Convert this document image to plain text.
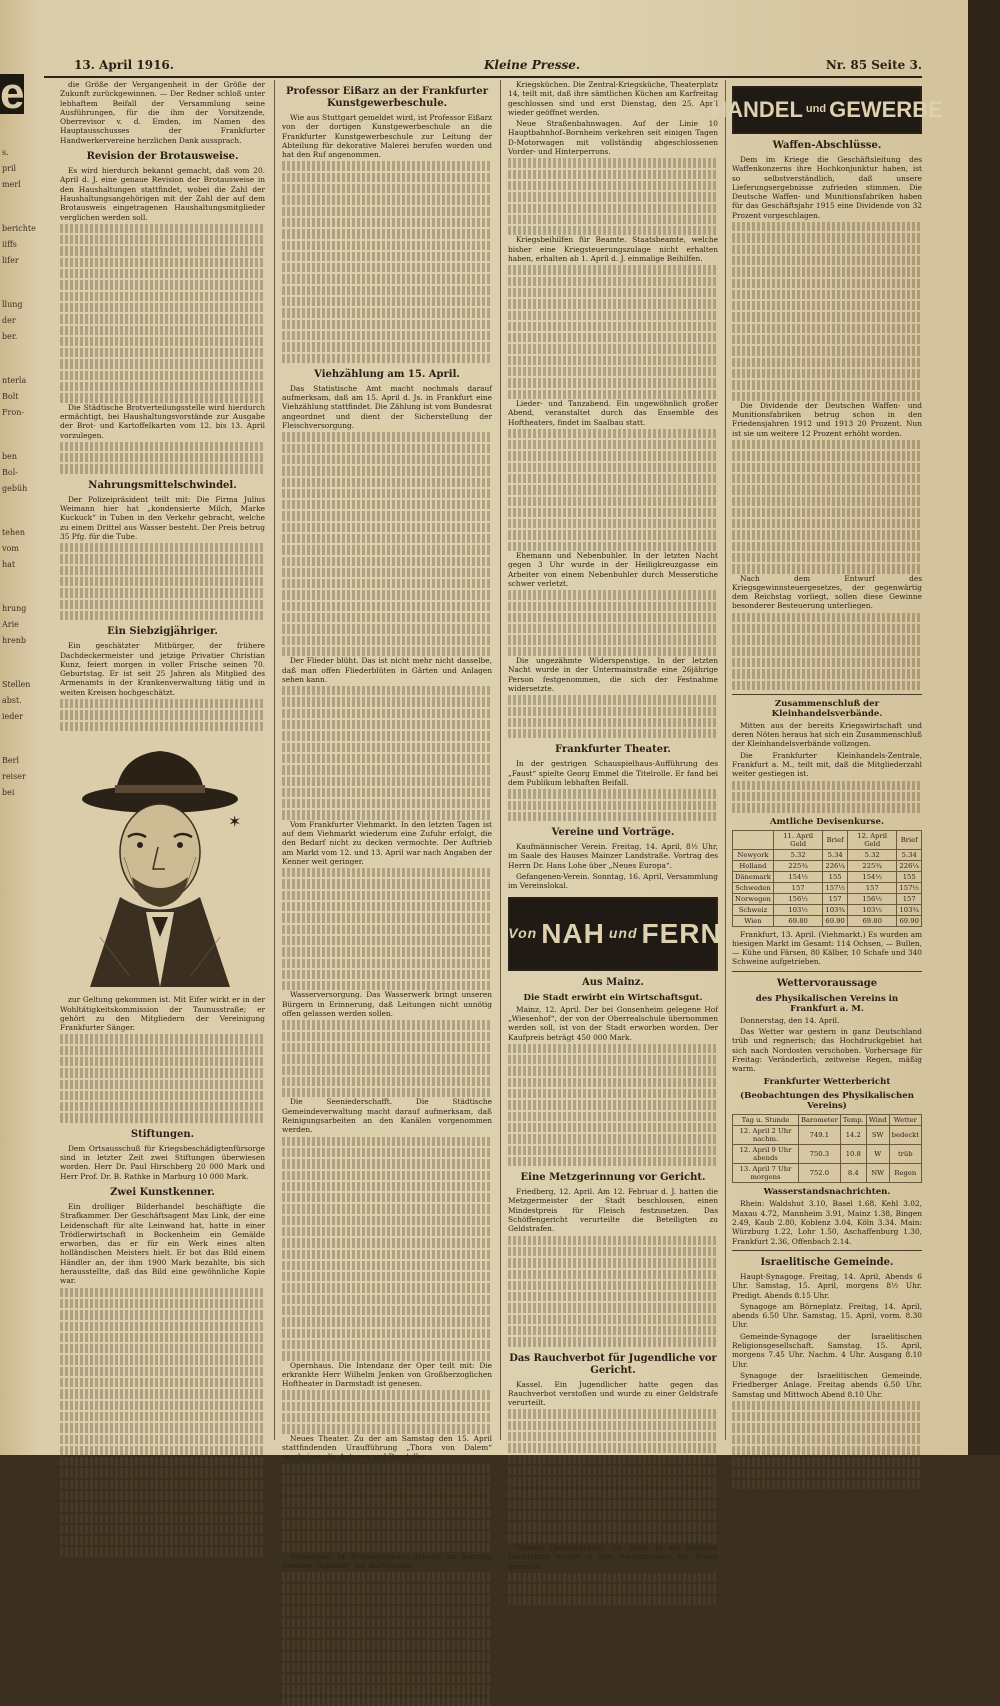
e
s.
pril
merl
berichte
iiffs
lifer
llung
der
ber.
nterla
Bolt
Fron-
ben
Bol-
gebüh
tehen
vom
hat
hrung
Arie
hrenb
Stellen
abst.
ieder
Berl
reiser
bei
13. April 1916.	Kleine Presse.	Nr. 85 Seite 3.

die Größe der Vergangenheit in der Größe der Zukunft zurückgewinnen. — Der Redner schloß unter lebhaftem Beifall der Versammlung seine Ausführungen, für die ihm der Vorsitzende, Oberrevisor v. d. Emden, im Namen des Hauptausschusses der Frankfurter Handwerkervereine herzlichen Dank aussprach.

Revision der Brotausweise.

Es wird hierdurch bekannt gemacht, daß vom 20. April d. J. eine genaue Revision der Brotausweise in den Haushaltungen stattfindet, wobei die Zahl der Haushaltungsangehörigen mit der Zahl der auf dem Brotausweis eingetragenen Haushaltungsmitglieder verglichen werden soll.

Die Städtische Brotverteilungsstelle wird hierdurch ermächtigt, bei Haushaltungsvorstände zur Ausgabe der Brot- und Kartoffelkarten vom 12. bis 13. April vorzulegen.

Nahrungsmittelschwindel.

Der Polizeipräsident teilt mit: Die Firma Julius Weimann hier hat „kondensierte Milch, Marke Kuckuck“ in Tuben in den Verkehr gebracht, welche zu einem Drittel aus Wasser besteht. Der Preis betrug 35 Pfg. für die Tube.

Ein Siebzigjähriger.

Ein geschätzter Mitbürger, der frühere Dachdeckermeister und jetzige Privatier Christian Kunz, feiert morgen in voller Frische seinen 70. Geburtstag. Er ist seit 25 Jahren als Mitglied des Armenamts in der Krankenverwaltung tätig und in weiten Kreisen hochgeschätzt.

✶

zur Geltung gekommen ist. Mit Eifer wirkt er in der Wohltätigkeitskommission der Taunusstraße; er gehört zu den Mitgliedern der Vereinigung Frankfurter Sänger.

Stiftungen.

Dem Ortsausschuß für Kriegsbeschädigtenfürsorge sind in letzter Zeit zwei Stiftungen überwiesen worden. Herr Dr. Paul Hirschberg 20 000 Mark und Herr Prof. Dr. B. Rathke in Marburg 10 000 Mark.

Zwei Kunstkenner.

Ein drolliger Bilderhandel beschäftigte die Strafkammer. Der Geschäftsagent Max Link, der eine Leidenschaft für alte Leinwand hat, hatte in einer Trödlerwirtschaft in Bockenheim ein Gemälde erworben, das er für ein Werk eines alten holländischen Meisters hielt. Er bot das Bild einem Händler an, der ihm 1900 Mark bezahlte, bis sich herausstellte, daß das Bild eine gewöhnliche Kopie war.

Professor Eißarz an der Frankfurter Kunstgewerbeschule.

Wie aus Stuttgart gemeldet wird, ist Professor Eißarz von der dortigen Kunstgewerbeschule an die Frankfurter Kunstgewerbeschule zur Leitung der Abteilung für dekorative Malerei berufen worden und hat den Ruf angenommen.

Viehzählung am 15. April.

Das Statistische Amt macht nochmals darauf aufmerksam, daß am 15. April d. Js. in Frankfurt eine Viehzählung stattfindet. Die Zählung ist vom Bundesrat angeordnet und dient der Sicherstellung der Fleischversorgung.

Der Flieder blüht. Das ist nicht mehr nicht dasselbe, daß man offen Fliederblüten in Gärten und Anlagen sehen kann.

Vom Frankfurter Viehmarkt. In den letzten Tagen ist auf dem Viehmarkt wiederum eine Zufuhr erfolgt, die den Bedarf nicht zu decken vermochte. Der Auftrieb am Markt vom 12. und 13. April war nach Angaben der Kenner weit geringer.

Wasserversorgung. Das Wasserwerk bringt unseren Bürgern in Erinnerung, daß Leitungen nicht unnötig offen gelassen werden sollen.

Die Seeniederschafft. Die Städtische Gemeindeverwaltung macht darauf aufmerksam, daß Reinigungsarbeiten an den Kanälen vorgenommen werden.

Opernhaus. Die Intendanz der Oper teilt mit: Die erkrankte Herr Wilhelm Jenken von Großherzoglichen Hoftheater in Darmstadt ist genesen.

Neues Theater. Zu der am Samstag den 15. April stattfindenden Uraufführung „Thora von Dalem“ erscheinen die Autoren und Darsteller.

Schauspiel. Im Schauspielhaus gelangt am Sonntag Goethes „Egmont“ zur Aufführung.

Kriegsküchen. Die Zentral-Kriegsküche, Theaterplatz 14, teilt mit, daß ihre sämtlichen Küchen am Karfreitag geschlossen sind und erst Dienstag, den 25. April wieder geöffnet werden.

Neue Straßenbahnwagen. Auf der Linie 10 Hauptbahnhof–Bornheim verkehren seit einigen Tagen D-Motorwagen mit vollständig abgeschlossenen Vorder- und Hinterperrons.

Kriegsbeihilfen für Beamte. Staatsbeamte, welche bisher eine Kriegsteuerungszulage nicht erhalten haben, erhalten ab 1. April d. J. einmalige Beihilfen.

Lieder- und Tanzabend. Ein ungewöhnlich großer Abend, veranstaltet durch das Ensemble des Hoftheaters, findet im Saalbau statt.

Ehemann und Nebenbuhler. In der letzten Nacht gegen 3 Uhr wurde in der Heiligkreuzgasse ein Arbeiter von einem Nebenbuhler durch Messerstiche schwer verletzt.

Die ungezähmte Widerspenstige. In der letzten Nacht wurde in der Untermainstraße eine 26jährige Person festgenommen, die sich der Festnahme widersetzte.

Frankfurter Theater.

In der gestrigen Schauspielhaus-Aufführung des „Faust“ spielte Georg Emmel die Titelrolle. Er fand bei dem Publikum lebhaften Beifall.

Vereine und Vorträge.

Kaufmännischer Verein. Freitag, 14. April, 8½ Uhr, im Saale des Hauses Mainzer Landstraße. Vortrag des Herrn Dr. Hans Lohe über „Neues Europa“.

Gefangenen-Verein. Sonntag, 16. April, Versammlung im Vereinslokal.

Von NAH und FERN
Aus Mainz.
Die Stadt erwirbt ein Wirtschaftsgut.

Mainz, 12. April. Der bei Gonsenheim gelegene Hof „Wiesenhof“, der von der Oberrealschule übernommen werden soll, ist von der Stadt erworben worden. Der Kaufpreis beträgt 450 000 Mark.

Eine Metzgerinnung vor Gericht.

Friedberg, 12. April. Am 12. Februar d. J. hatten die Metzgermeister der Stadt beschlossen, einen Mindestpreis für Fleisch festzusetzen. Das Schöffengericht verurteilte die Beteiligten zu Geldstrafen.

Das Rauchverbot für Jugendliche vor Gericht.

Kassel. Ein Jugendlicher hatte gegen das Rauchverbot verstoßen und wurde zu einer Geldstrafe verurteilt.

Wadern (Saarbrücken), 10. April. In der hiesigen Dachfabrik wurde in den Nachtstunden ein Brand bemerkt.

HANDEL und GEWERBE
Waffen-Abschlüsse.

Dem im Kriege die Geschäftsleitung des Waffenkonzerns ihre Hochkonjunktur haben, ist so selbstverständlich, daß unsere Lieferungsergebnisse zufrieden stimmen. Die Deutsche Waffen- und Munitionsfabriken haben für das Geschäftsjahr 1915 eine Dividende von 32 Prozent vorgeschlagen.

Die Dividende der Deutschen Waffen- und Munitionsfabriken betrug schon in den Friedensjahren 1912 und 1913 20 Prozent. Nun ist sie um weitere 12 Prozent erhöht worden.

Nach dem Entwurf des Kriegsgewinnsteuergesetzes, der gegenwärtig dem Reichstag vorliegt, sollen diese Gewinne besonderer Besteuerung unterliegen.

Zusammenschluß der Kleinhandelsverbände.

Mitten aus der bereits Kriegswirtschaft und deren Nöten heraus hat sich ein Zusammenschluß der Kleinhandelsverbände vollzogen.

Die Frankfurter Kleinhandels-Zentrale, Frankfurt a. M., teilt mit, daß die Mitgliederzahl weiter gestiegen ist.

Amtliche Devisenkurse.
	11. April Geld	Brief	12. April Geld	Brief
Newyork	5.32	5.34	5.32	5.34
Holland	225¾	226¼	225¾	226¼
Dänemark	154½	155	154½	155
Schweden	157	157½	157	157½
Norwegen	156½	157	156½	157
Schweiz	103½	103¾	103½	103¾
Wien	69.80	69.90	69.80	69.90

Frankfurt, 13. April. (Viehmarkt.) Es wurden am hiesigen Markt im Gesamt: 114 Ochsen, — Bullen, — Kühe und Färsen, 80 Kälber, 10 Schafe und 340 Schweine aufgetrieben.

Wettervoraussage
des Physikalischen Vereins in Frankfurt a. M.

Donnerstag, den 14. April.

Das Wetter war gestern in ganz Deutschland trüb und regnerisch; das Hochdruckgebiet hat sich nach Nordosten verschoben. Vorhersage für Freitag: Veränderlich, zeitweise Regen, mäßig warm.

Frankfurter Wetterbericht
(Beobachtungen des Physikalischen Vereins)
Tag u. Stunde	Barometer	Temp.	Wind	Wetter
12. April 2 Uhr nachm.	749.1	14.2	SW	bedeckt
12. April 9 Uhr abends	750.3	10.8	W	trüb
13. April 7 Uhr morgens	752.0	8.4	NW	Regen
Wasserstandsnachrichten.

Rhein: Waldshut 3.10, Basel 1.68, Kehl 3.02, Maxau 4.72, Mannheim 3.91, Mainz 1.38, Bingen 2.49, Kaub 2.80, Koblenz 3.04, Köln 3.34. Main: Würzburg 1.22, Lohr 1.50, Aschaffenburg 1.30, Frankfurt 2.36, Offenbach 2.14.

Israelitische Gemeinde.

Haupt-Synagoge. Freitag, 14. April, Abends 6 Uhr. Samstag, 15. April, morgens 8½ Uhr. Predigt. Abends 8.15 Uhr.

Synagoge am Börneplatz. Freitag, 14. April, abends 6.50 Uhr. Samstag, 15. April, vorm. 8.30 Uhr.

Gemeinde-Synagoge der Israelitischen Religionsgesellschaft. Samstag, 15. April, morgens 7.45 Uhr. Nachm. 4 Uhr. Ausgang 8.10 Uhr.

Synagoge der Israelitischen Gemeinde, Friedberger Anlage. Freitag abends 6.50 Uhr. Samstag und Mittwoch Abend 8.10 Uhr.
